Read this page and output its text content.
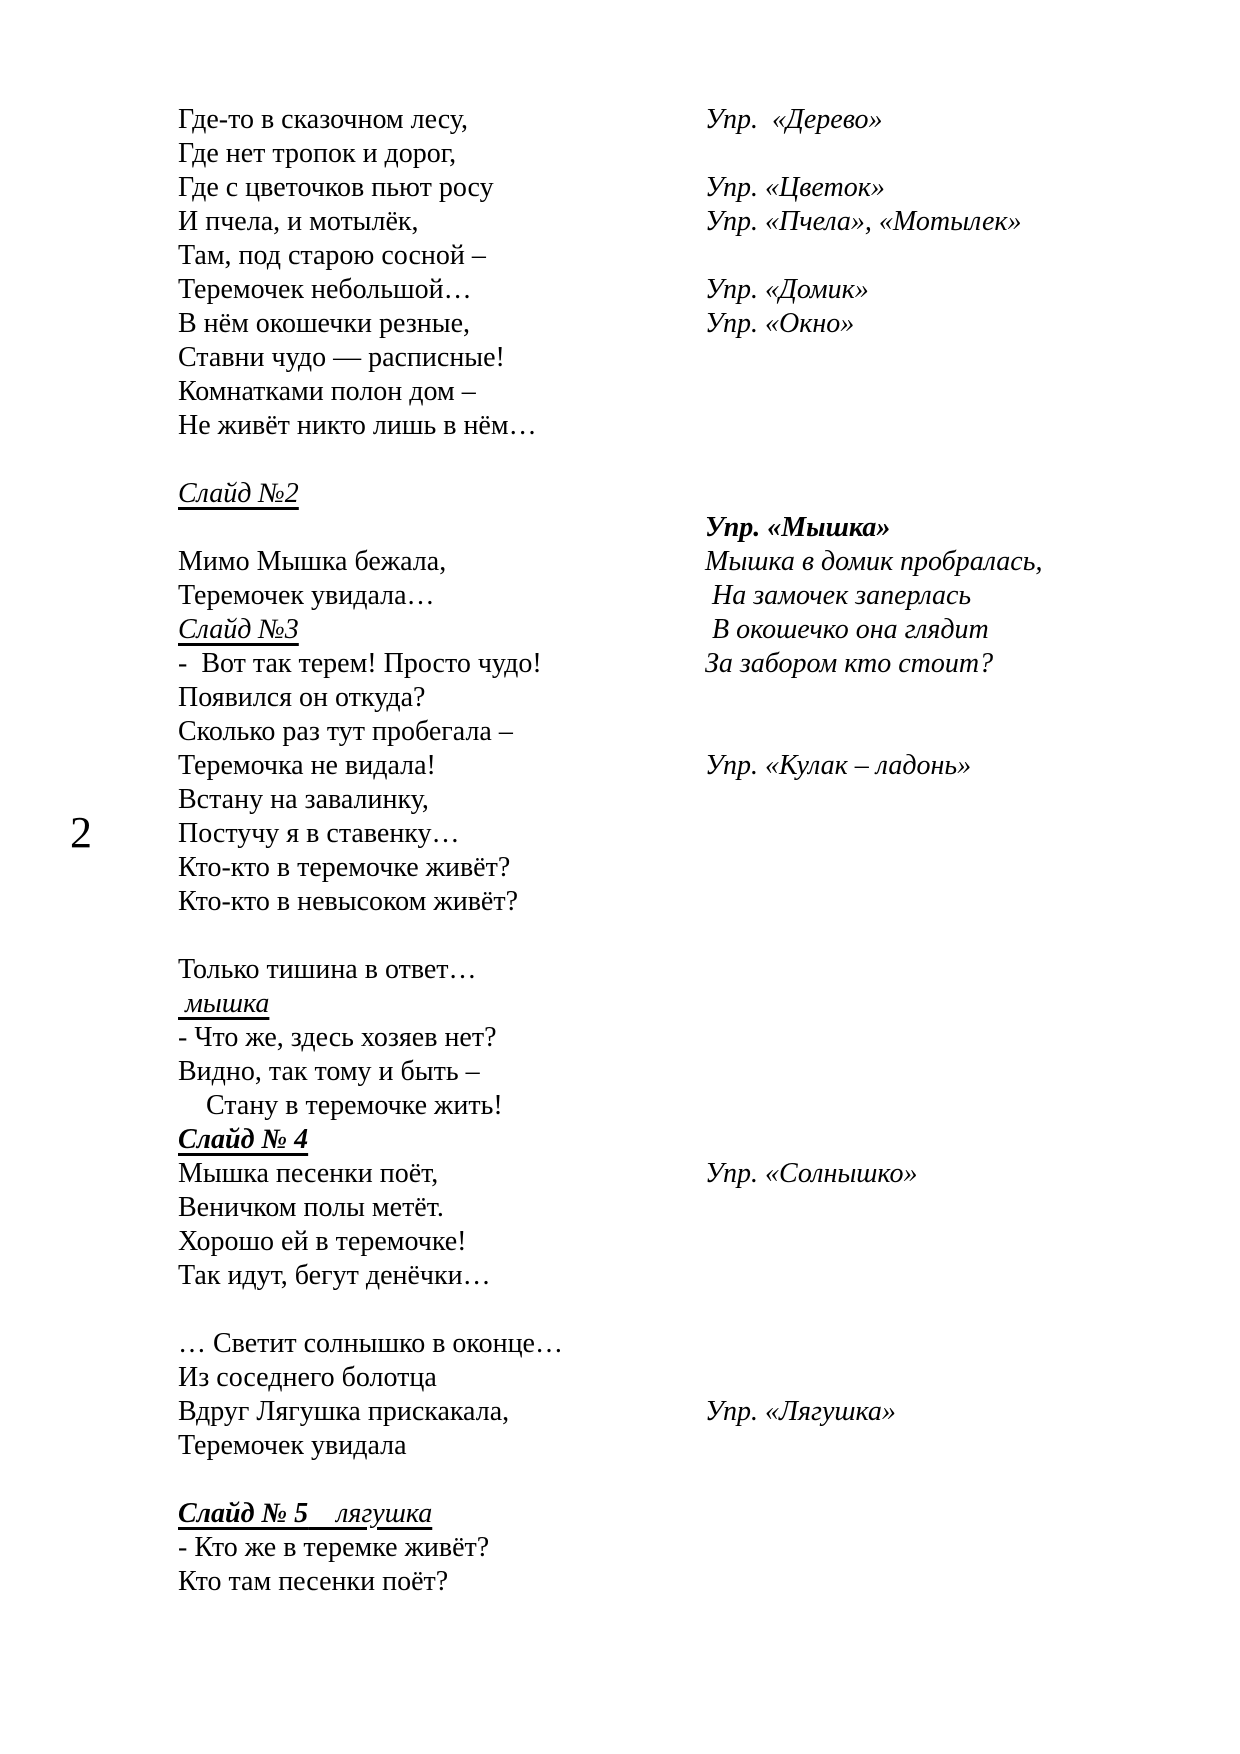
2
Где-то в сказочном лесу,
Где нет тропок и дорог,
Где с цветочков пьют росу
И пчела, и мотылёк,
Там, под старою сосной –
Теремочек небольшой…
В нём окошечки резные,
Ставни чудо — расписные!
Комнатками полон дом –
Не живёт никто лишь в нём…
Слайд №2
Мимо Мышка бежала,
Теремочек увидала…
Слайд №3
-  Вот так терем! Просто чудо!
Появился он откуда?
Сколько раз тут пробегала –
Теремочка не видала!
Встану на завалинку,
Постучу я в ставенку…
Кто-кто в теремочке живёт?
Кто-кто в невысоком живёт?
Только тишина в ответ…
мышка
- Что же, здесь хозяев нет?
Видно, так тому и быть –
Стану в теремочке жить!
Слайд № 4
Мышка песенки поёт,
Веничком полы метёт.
Хорошо ей в теремочке!
Так идут, бегут денёчки…
… Светит солнышко в оконце…
Из соседнего болотца
Вдруг Лягушка прискакала,
Теремочек увидала
Слайд № 5    лягушка
- Кто же в теремке живёт?
Кто там песенки поёт?
Упр.  «Дерево»
Упр. «Цветок»
Упр. «Пчела», «Мотылек»
Упр. «Домик»
Упр. «Окно»
Упр. «Мышка»
Мышка в домик пробралась,
На замочек заперлась
В окошечко она глядит
За забором кто стоит?
Упр. «Кулак – ладонь»
Упр. «Солнышко»
Упр. «Лягушка»
